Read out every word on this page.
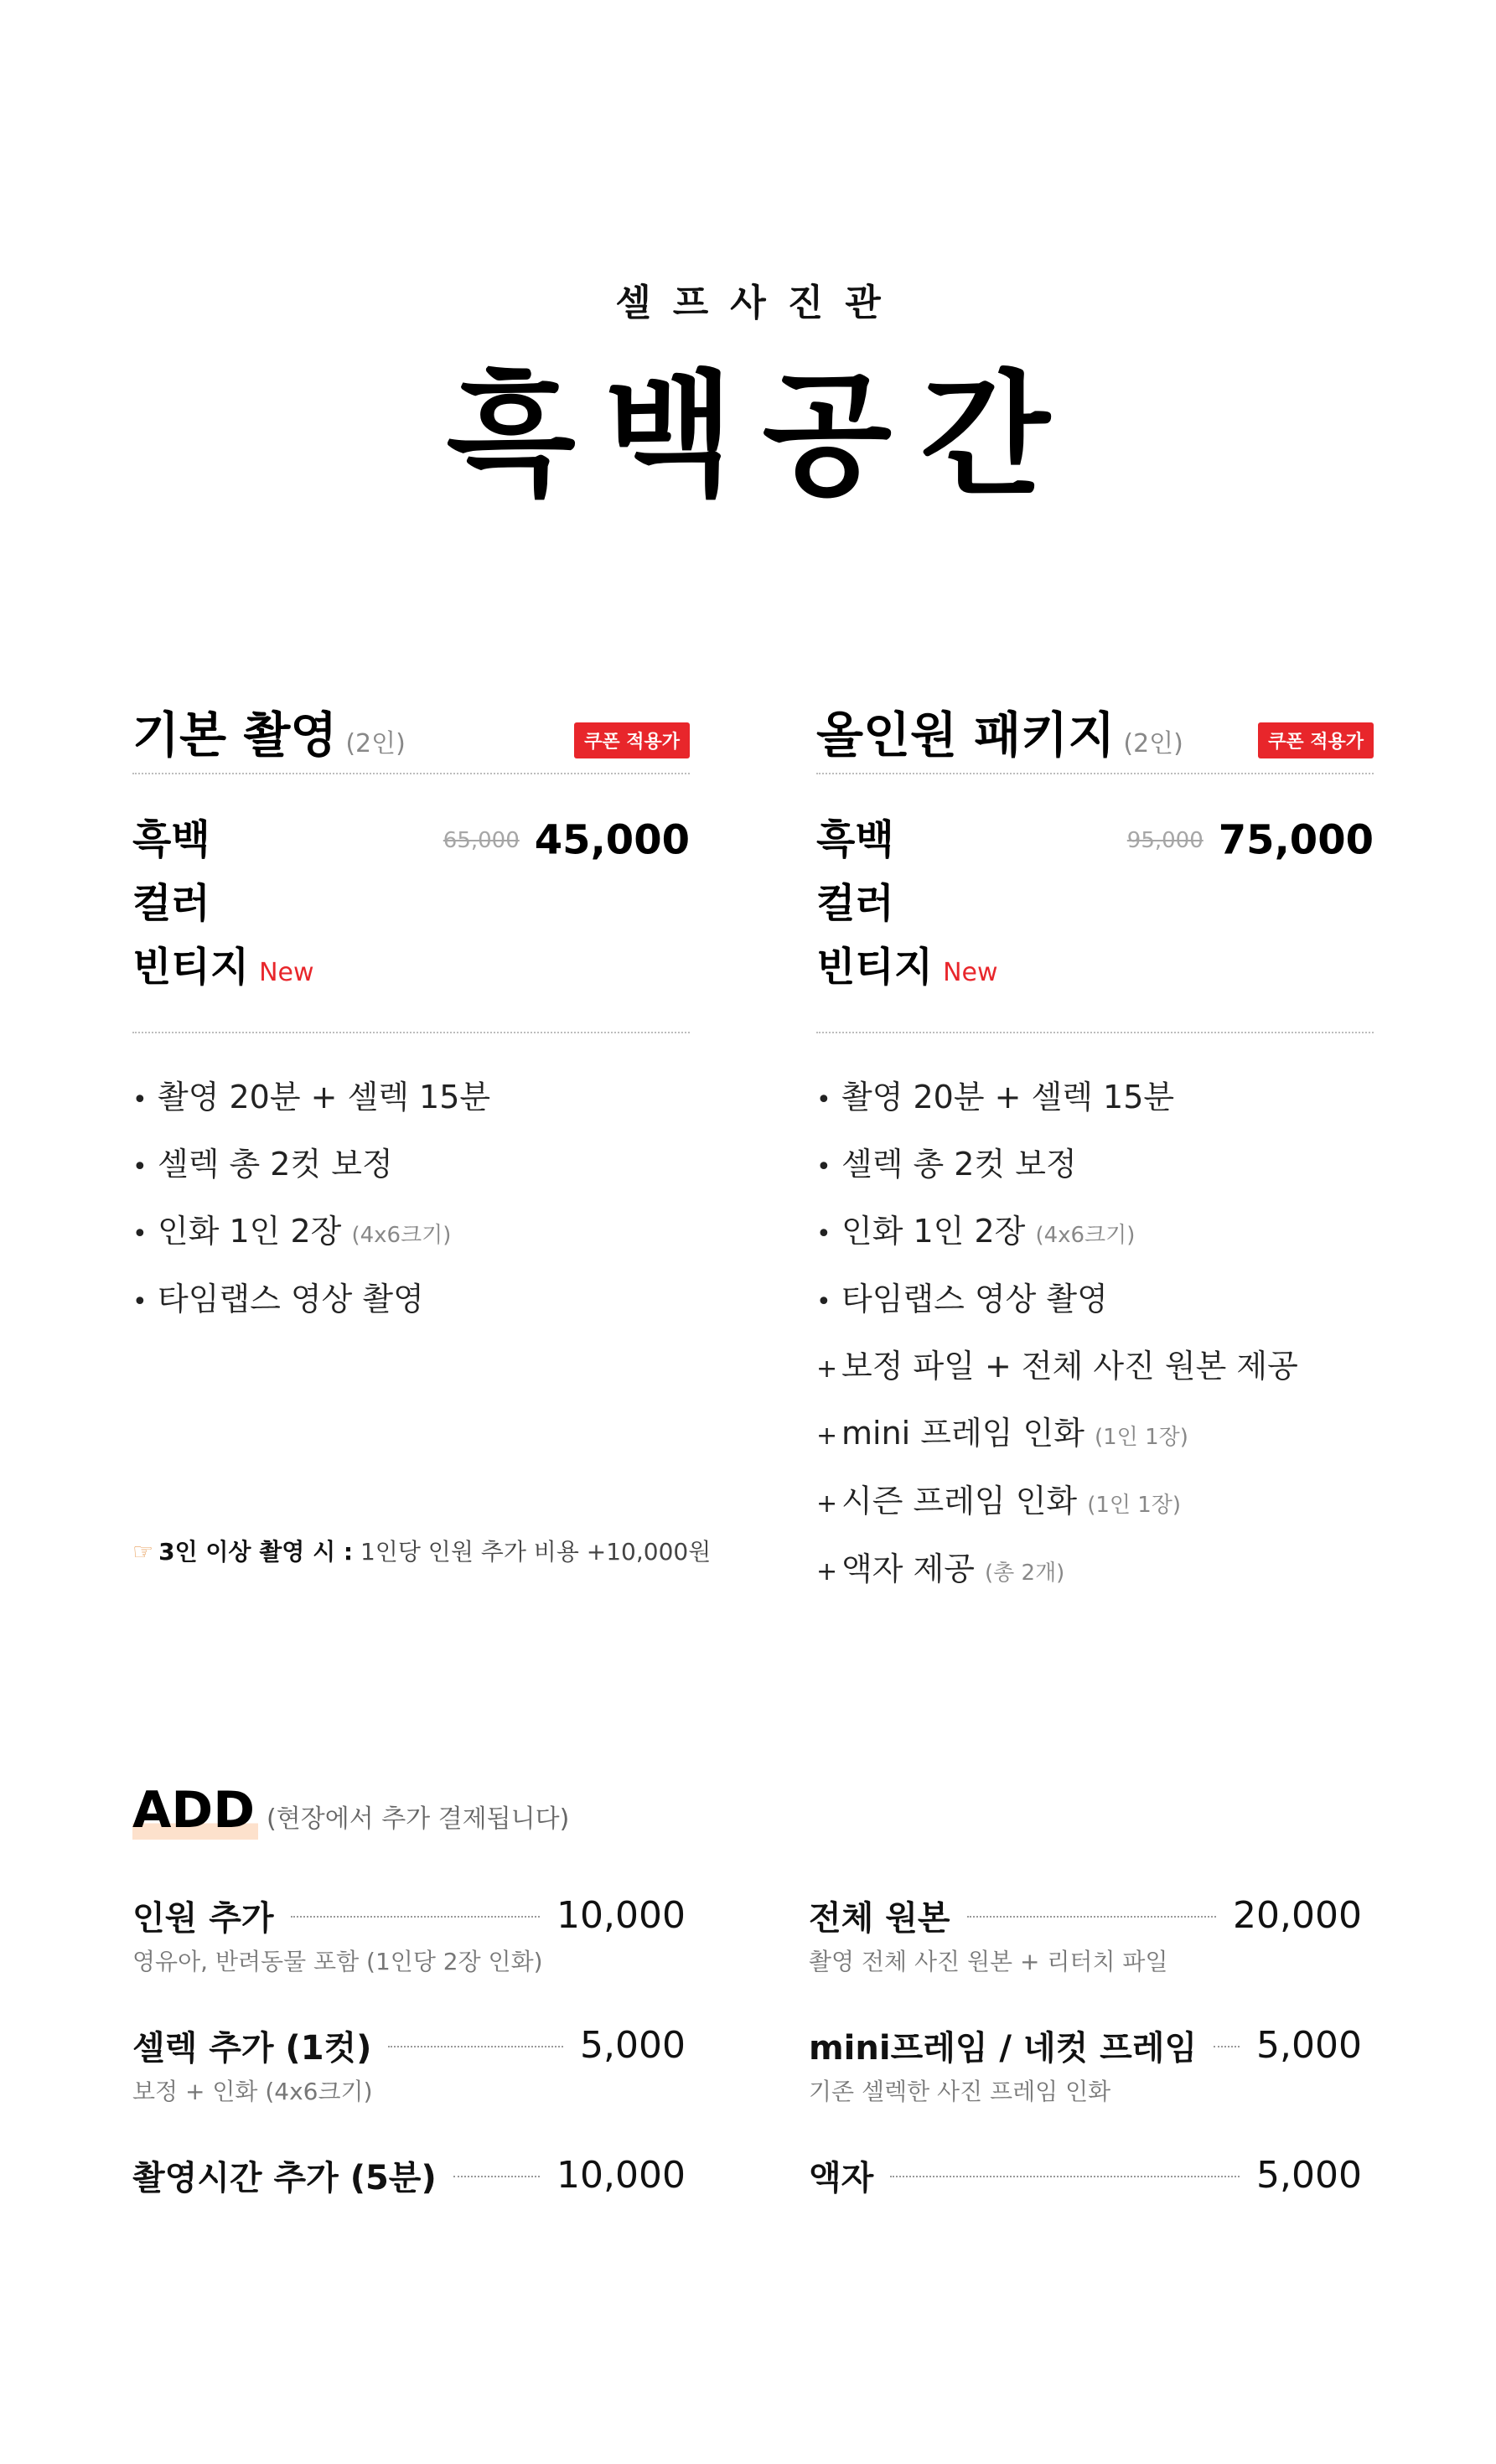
셀프사진관
흑백공간
기본 촬영 (2인)	쿠폰 적용가
흑백
컬러
빈티지 New
65,000 45,000
• 촬영 20분 + 셀렉 15분
• 셀렉 총 2컷 보정
• 인화 1인 2장 (4x6크기)
• 타임랩스 영상 촬영
☞ 3인 이상 촬영 시 : 1인당 인원 추가 비용 +10,000원
올인원 패키지 (2인)	쿠폰 적용가
흑백
컬러
빈티지 New
95,000 75,000
• 촬영 20분 + 셀렉 15분
• 셀렉 총 2컷 보정
• 인화 1인 2장 (4x6크기)
• 타임랩스 영상 촬영
+ 보정 파일 + 전체 사진 원본 제공
+ mini 프레임 인화 (1인 1장)
+ 시즌 프레임 인화 (1인 1장)
+ 액자 제공 (총 2개)
ADD (현장에서 추가 결제됩니다)
인원 추가	10,000
영유아, 반려동물 포함 (1인당 2장 인화)
셀렉 추가 (1컷)	5,000
보정 + 인화 (4x6크기)
촬영시간 추가 (5분)	10,000
전체 원본	20,000
촬영 전체 사진 원본 + 리터치 파일
mini프레임 / 네컷 프레임 5,000
기존 셀렉한 사진 프레임 인화
액자	5,000
